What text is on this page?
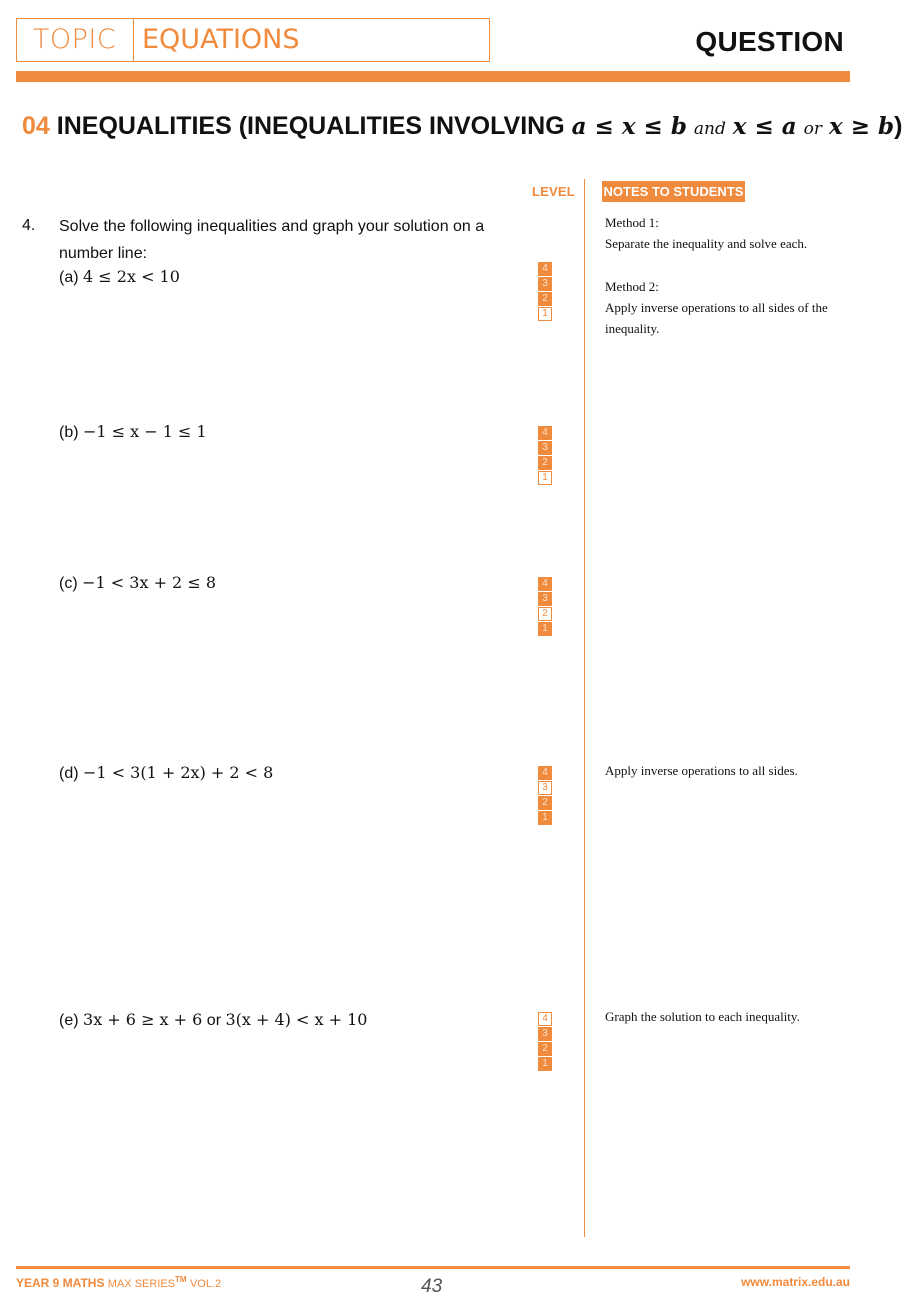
TOPIC EQUATIONS	QUESTION
04 INEQUALITIES (INEQUALITIES INVOLVING a ≤ x ≤ b and x ≤ a or x ≥ b)
LEVEL NOTES TO STUDENTS
4. Solve the following inequalities and graph your solution on a number line:
(a) 4 ≤ 2x < 10
(b) −1 ≤ x − 1 ≤ 1
(c) −1 < 3x + 2 ≤ 8
(d) −1 < 3(1 + 2x) + 2 < 8
(e) 3x + 6 ≥ x + 6 or 3(x + 4) < x + 10
4
3
2
1
4
3
2
1
4
3
2
1
4
3
2
1
4
3
2
1
Method 1:
Separate the inequality and solve each.
Method 2:
Apply inverse operations to all sides of the inequality.
Apply inverse operations to all sides.
Graph the solution to each inequality.
YEAR 9 MATHS MAX SERIES™ VOL.2	43	www.matrix.edu.au
